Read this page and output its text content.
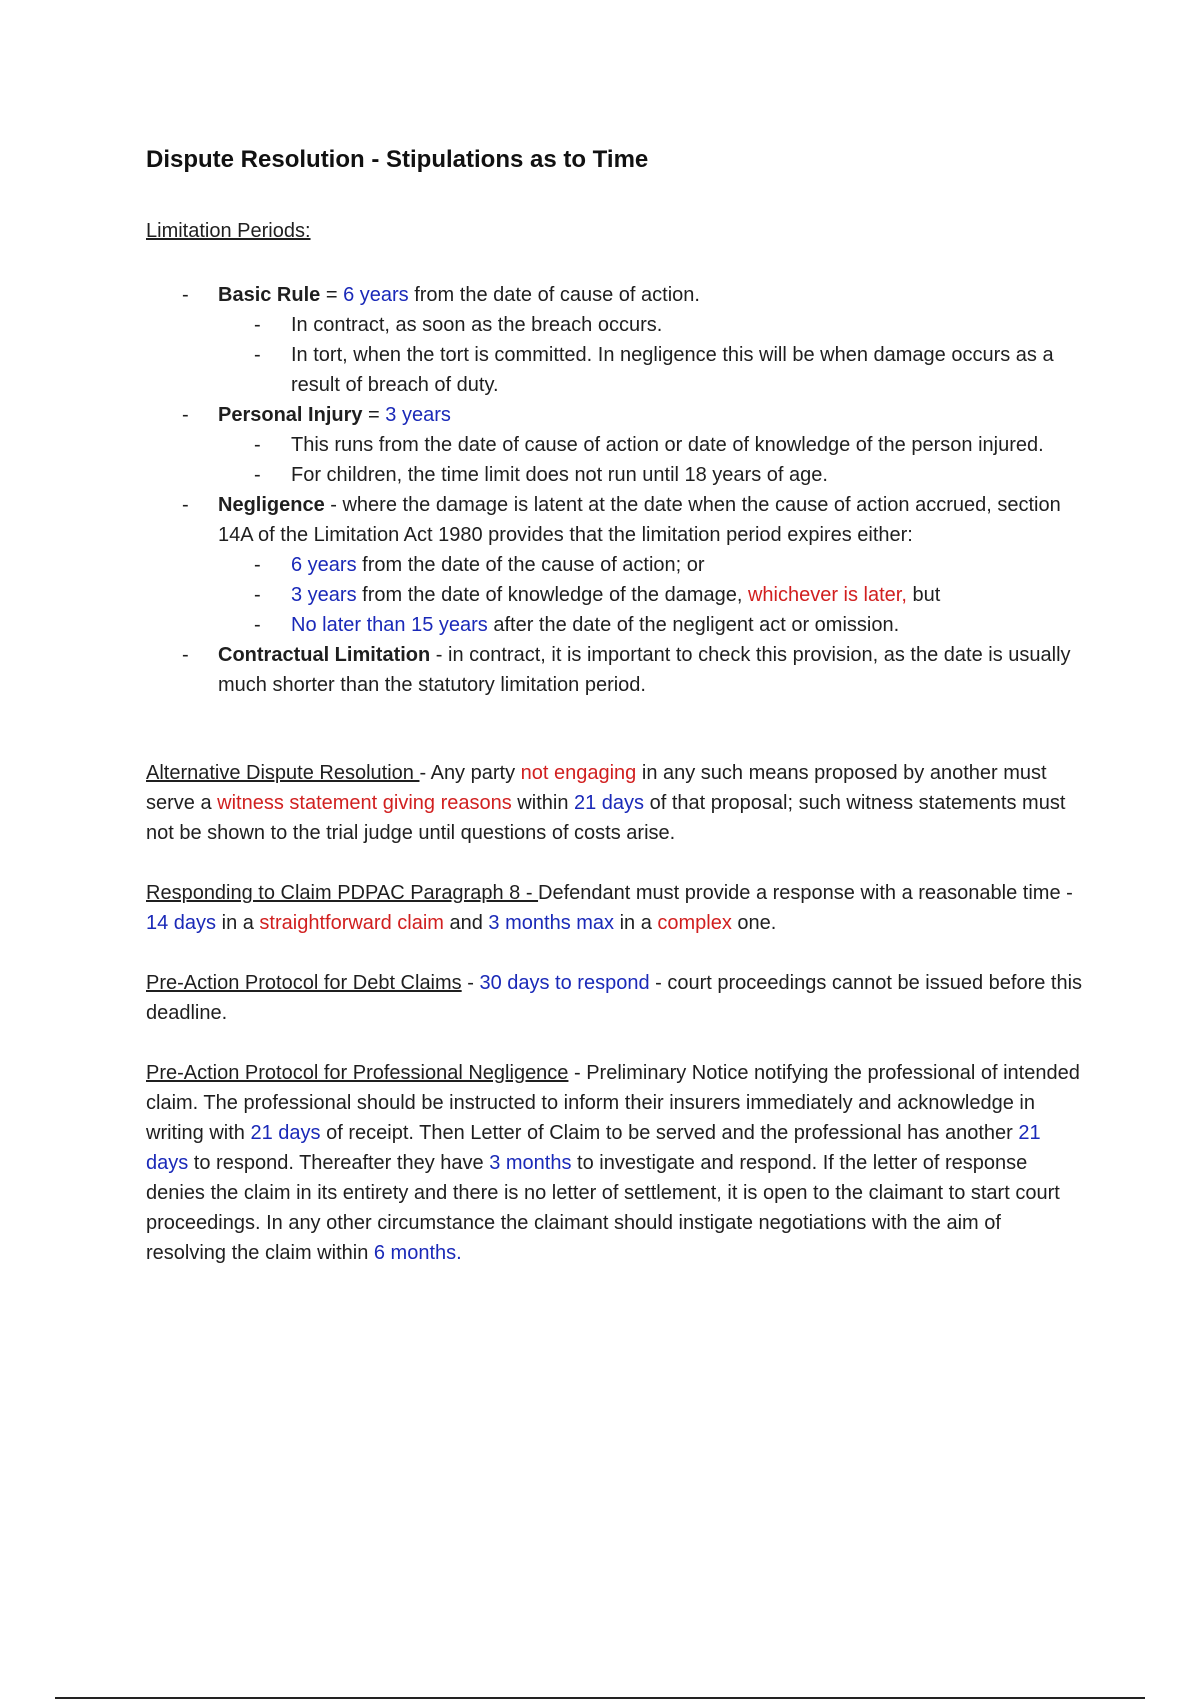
Dispute Resolution - Stipulations as to Time

Limitation Periods:

- Basic Rule = 6 years from the date of cause of action.
- In contract, as soon as the breach occurs.
- In tort, when the tort is committed. In negligence this will be when damage occurs as a result of breach of duty.
- Personal Injury = 3 years
- This runs from the date of cause of action or date of knowledge of the person injured.
- For children, the time limit does not run until 18 years of age.
- Negligence - where the damage is latent at the date when the cause of action accrued, section 14A of the Limitation Act 1980 provides that the limitation period expires either:
- 6 years from the date of the cause of action; or
- 3 years from the date of knowledge of the damage, whichever is later, but
- No later than 15 years after the date of the negligent act or omission.
- Contractual Limitation - in contract, it is important to check this provision, as the date is usually much shorter than the statutory limitation period.

Alternative Dispute Resolution - Any party not engaging in any such means proposed by another must serve a witness statement giving reasons within 21 days of that proposal; such witness statements must not be shown to the trial judge until questions of costs arise.

Responding to Claim PDPAC Paragraph 8 - Defendant must provide a response with a reasonable time - 14 days in a straightforward claim and 3 months max in a complex one.

Pre-Action Protocol for Debt Claims - 30 days to respond - court proceedings cannot be issued before this deadline.

Pre-Action Protocol for Professional Negligence - Preliminary Notice notifying the professional of intended claim. The professional should be instructed to inform their insurers immediately and acknowledge in writing with 21 days of receipt. Then Letter of Claim to be served and the professional has another 21 days to respond. Thereafter they have 3 months to investigate and respond. If the letter of response denies the claim in its entirety and there is no letter of settlement, it is open to the claimant to start court proceedings. In any other circumstance the claimant should instigate negotiations with the aim of resolving the claim within 6 months.
